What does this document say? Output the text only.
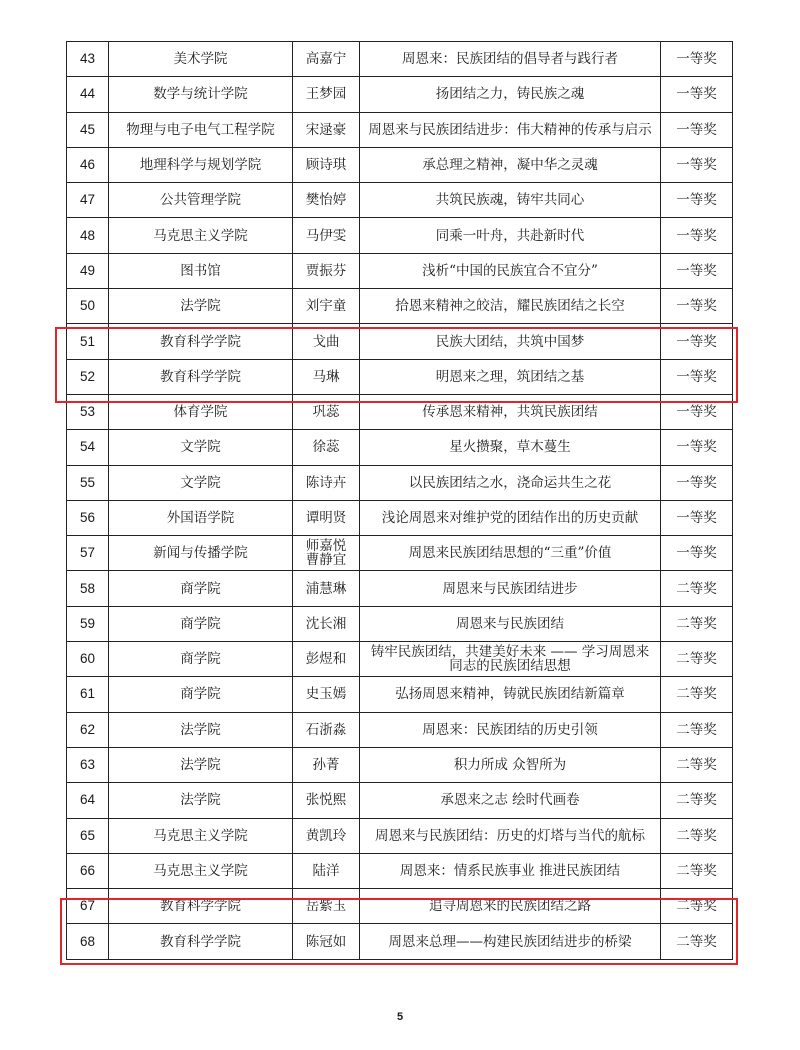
43	美术学院	高嘉宁	周恩来：民族团结的倡导者与践行者	一等奖
44	数学与统计学院	王梦园	扬团结之力，铸民族之魂	一等奖
45	物理与电子电气工程学院	宋逯豪	周恩来与民族团结进步：伟大精神的传承与启示	一等奖
46	地理科学与规划学院	顾诗琪	承总理之精神，凝中华之灵魂	一等奖
47	公共管理学院	樊怡婷	共筑民族魂，铸牢共同心	一等奖
48	马克思主义学院	马伊雯	同乘一叶舟，共赴新时代	一等奖
49	图书馆	贾振芬	浅析“中国的民族宜合不宜分”	一等奖
50	法学院	刘宇童	拾恩来精神之皎洁，耀民族团结之长空	一等奖
51	教育科学学院	戈曲	民族大团结，共筑中国梦	一等奖
52	教育科学学院	马琳	明恩来之理，筑团结之基	一等奖
53	体育学院	巩蕊	传承恩来精神，共筑民族团结	一等奖
54	文学院	徐蕊	星火攒聚，草木蔓生	一等奖
55	文学院	陈诗卉	以民族团结之水，浇命运共生之花	一等奖
56	外国语学院	谭明贤	浅论周恩来对维护党的团结作出的历史贡献	一等奖
57	新闻与传播学院	师嘉悦 曹静宜	周恩来民族团结思想的“三重”价值	一等奖
58	商学院	浦慧琳	周恩来与民族团结进步	二等奖
59	商学院	沈长湘	周恩来与民族团结	二等奖
60	商学院	彭煜和	铸牢民族团结，共建美好未来 —— 学习周恩来同志的民族团结思想	二等奖
61	商学院	史玉嫣	弘扬周恩来精神，铸就民族团结新篇章	二等奖
62	法学院	石浙淼	周恩来：民族团结的历史引领	二等奖
63	法学院	孙菁	积力所成 众智所为	二等奖
64	法学院	张悦熙	承恩来之志 绘时代画卷	二等奖
65	马克思主义学院	黄凯玲	周恩来与民族团结：历史的灯塔与当代的航标	二等奖
66	马克思主义学院	陆洋	周恩来：情系民族事业 推进民族团结	二等奖
67	教育科学学院	岳紫玉	追寻周恩来的民族团结之路	二等奖
68	教育科学学院	陈冠如	周恩来总理——构建民族团结进步的桥梁	二等奖
5
